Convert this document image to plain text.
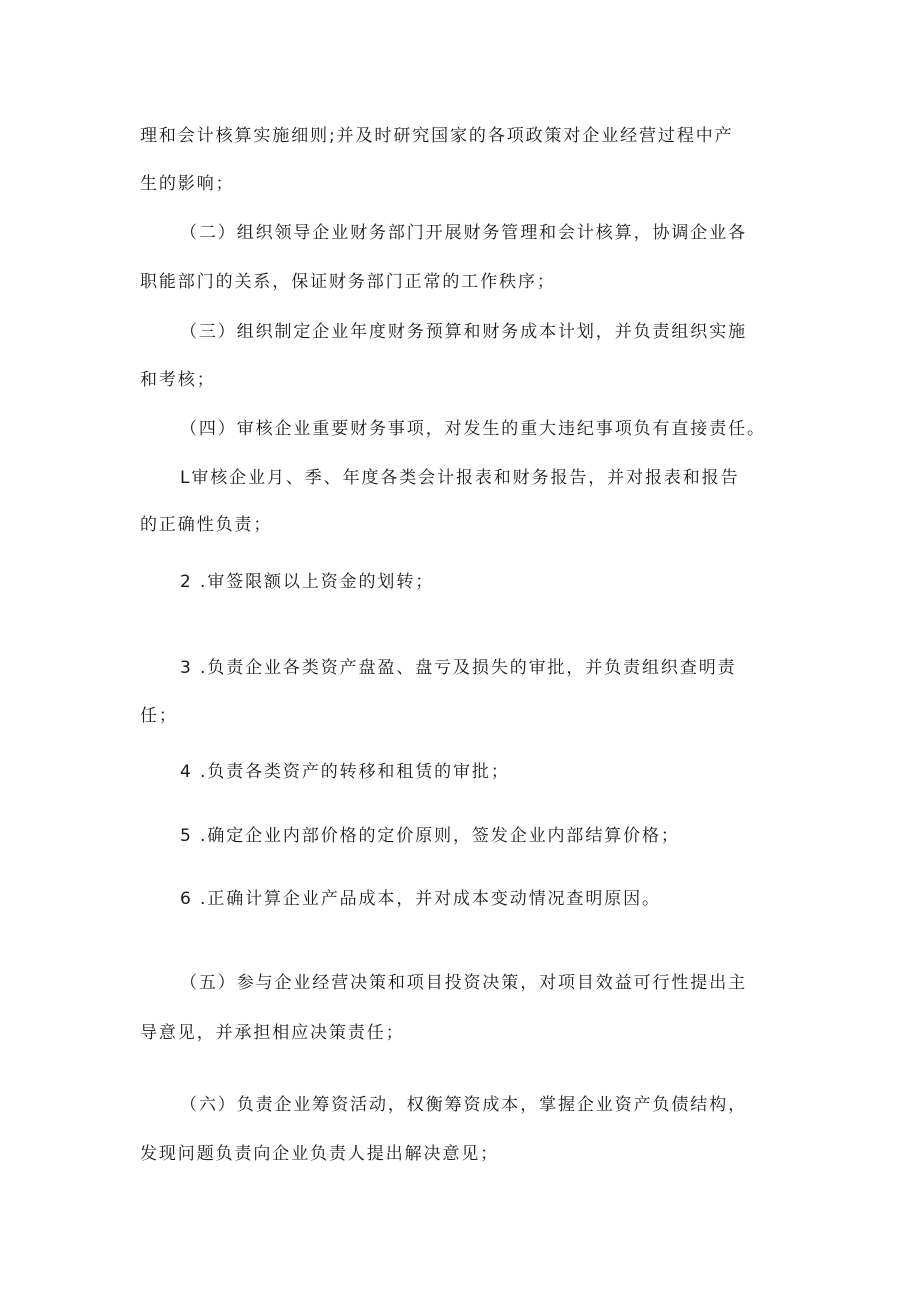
理和会计核算实施细则;并及时研究国家的各项政策对企业经营过程中产
生的影响；
（二）组织领导企业财务部门开展财务管理和会计核算，协调企业各
职能部门的关系，保证财务部门正常的工作秩序；
（三）组织制定企业年度财务预算和财务成本计划，并负责组织实施
和考核；
（四）审核企业重要财务事项，对发生的重大违纪事项负有直接责任。
L审核企业月、季、年度各类会计报表和财务报告，并对报表和报告
的正确性负责；
2 .审签限额以上资金的划转；
3 .负责企业各类资产盘盈、盘亏及损失的审批，并负责组织查明责
任；
4 .负责各类资产的转移和租赁的审批；
5 .确定企业内部价格的定价原则，签发企业内部结算价格；
6 .正确计算企业产品成本，并对成本变动情况查明原因。
（五）参与企业经营决策和项目投资决策，对项目效益可行性提出主
导意见，并承担相应决策责任；
（六）负责企业筹资活动，权衡筹资成本，掌握企业资产负债结构，
发现问题负责向企业负责人提出解决意见；
